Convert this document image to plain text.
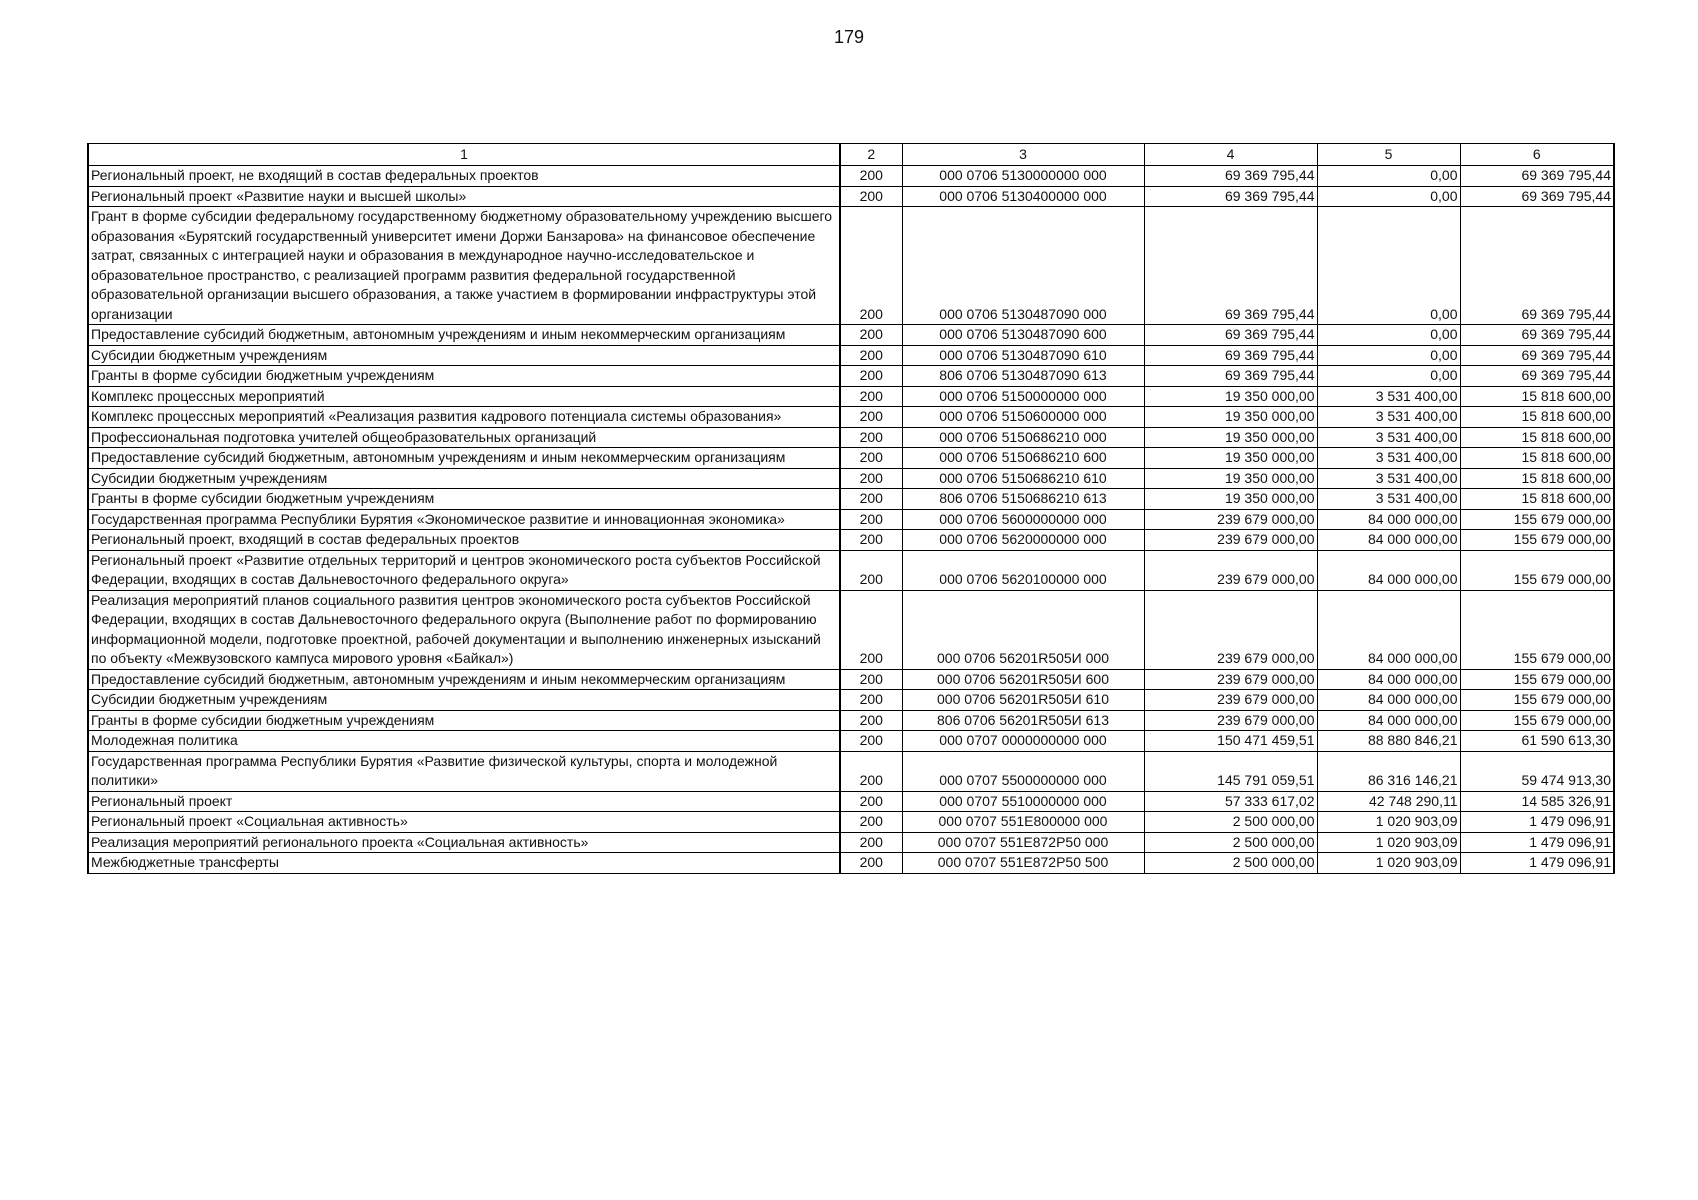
179
1	2	3	4	5	6
Региональный проект, не входящий в состав федеральных проектов	200	000 0706 5130000000 000	69 369 795,44	0,00	69 369 795,44
Региональный проект «Развитие науки и высшей школы»	200	000 0706 5130400000 000	69 369 795,44	0,00	69 369 795,44
Грант в форме субсидии федеральному государственному бюджетному образовательному учреждению высшего образования «Бурятский государственный университет имени Доржи Банзарова» на финансовое обеспечение затрат, связанных с интеграцией науки и образования в международное научно-исследовательское и образовательное пространство, с реализацией программ развития федеральной государственной образовательной организации высшего образования, а также участием в формировании инфраструктуры этой организации	200	000 0706 5130487090 000	69 369 795,44	0,00	69 369 795,44
Предоставление субсидий бюджетным, автономным учреждениям и иным некоммерческим организациям	200	000 0706 5130487090 600	69 369 795,44	0,00	69 369 795,44
Субсидии бюджетным учреждениям	200	000 0706 5130487090 610	69 369 795,44	0,00	69 369 795,44
Гранты в форме субсидии бюджетным учреждениям	200	806 0706 5130487090 613	69 369 795,44	0,00	69 369 795,44
Комплекс процессных мероприятий	200	000 0706 5150000000 000	19 350 000,00	3 531 400,00	15 818 600,00
Комплекс процессных мероприятий «Реализация развития кадрового потенциала системы образования»	200	000 0706 5150600000 000	19 350 000,00	3 531 400,00	15 818 600,00
Профессиональная подготовка учителей общеобразовательных организаций	200	000 0706 5150686210 000	19 350 000,00	3 531 400,00	15 818 600,00
Предоставление субсидий бюджетным, автономным учреждениям и иным некоммерческим организациям	200	000 0706 5150686210 600	19 350 000,00	3 531 400,00	15 818 600,00
Субсидии бюджетным учреждениям	200	000 0706 5150686210 610	19 350 000,00	3 531 400,00	15 818 600,00
Гранты в форме субсидии бюджетным учреждениям	200	806 0706 5150686210 613	19 350 000,00	3 531 400,00	15 818 600,00
Государственная программа Республики Бурятия «Экономическое развитие и инновационная экономика»	200	000 0706 5600000000 000	239 679 000,00	84 000 000,00	155 679 000,00
Региональный проект, входящий в состав федеральных проектов	200	000 0706 5620000000 000	239 679 000,00	84 000 000,00	155 679 000,00
Региональный проект «Развитие отдельных территорий и центров экономического роста субъектов Российской Федерации, входящих в состав Дальневосточного федерального округа»	200	000 0706 5620100000 000	239 679 000,00	84 000 000,00	155 679 000,00
Реализация мероприятий планов социального развития центров экономического роста субъектов Российской Федерации, входящих в состав Дальневосточного федерального округа (Выполнение работ по формированию информационной модели, подготовке проектной, рабочей документации и выполнению инженерных изысканий по объекту «Межвузовского кампуса мирового уровня «Байкал»)	200	000 0706 56201R505И 000	239 679 000,00	84 000 000,00	155 679 000,00
Предоставление субсидий бюджетным, автономным учреждениям и иным некоммерческим организациям	200	000 0706 56201R505И 600	239 679 000,00	84 000 000,00	155 679 000,00
Субсидии бюджетным учреждениям	200	000 0706 56201R505И 610	239 679 000,00	84 000 000,00	155 679 000,00
Гранты в форме субсидии бюджетным учреждениям	200	806 0706 56201R505И 613	239 679 000,00	84 000 000,00	155 679 000,00
Молодежная политика	200	000 0707 0000000000 000	150 471 459,51	88 880 846,21	61 590 613,30
Государственная программа Республики Бурятия «Развитие физической культуры, спорта и молодежной политики»	200	000 0707 5500000000 000	145 791 059,51	86 316 146,21	59 474 913,30
Региональный проект	200	000 0707 5510000000 000	57 333 617,02	42 748 290,11	14 585 326,91
Региональный проект «Социальная активность»	200	000 0707 551E800000 000	2 500 000,00	1 020 903,09	1 479 096,91
Реализация мероприятий регионального проекта «Социальная активность»	200	000 0707 551E872P50 000	2 500 000,00	1 020 903,09	1 479 096,91
Межбюджетные трансферты	200	000 0707 551E872P50 500	2 500 000,00	1 020 903,09	1 479 096,91
